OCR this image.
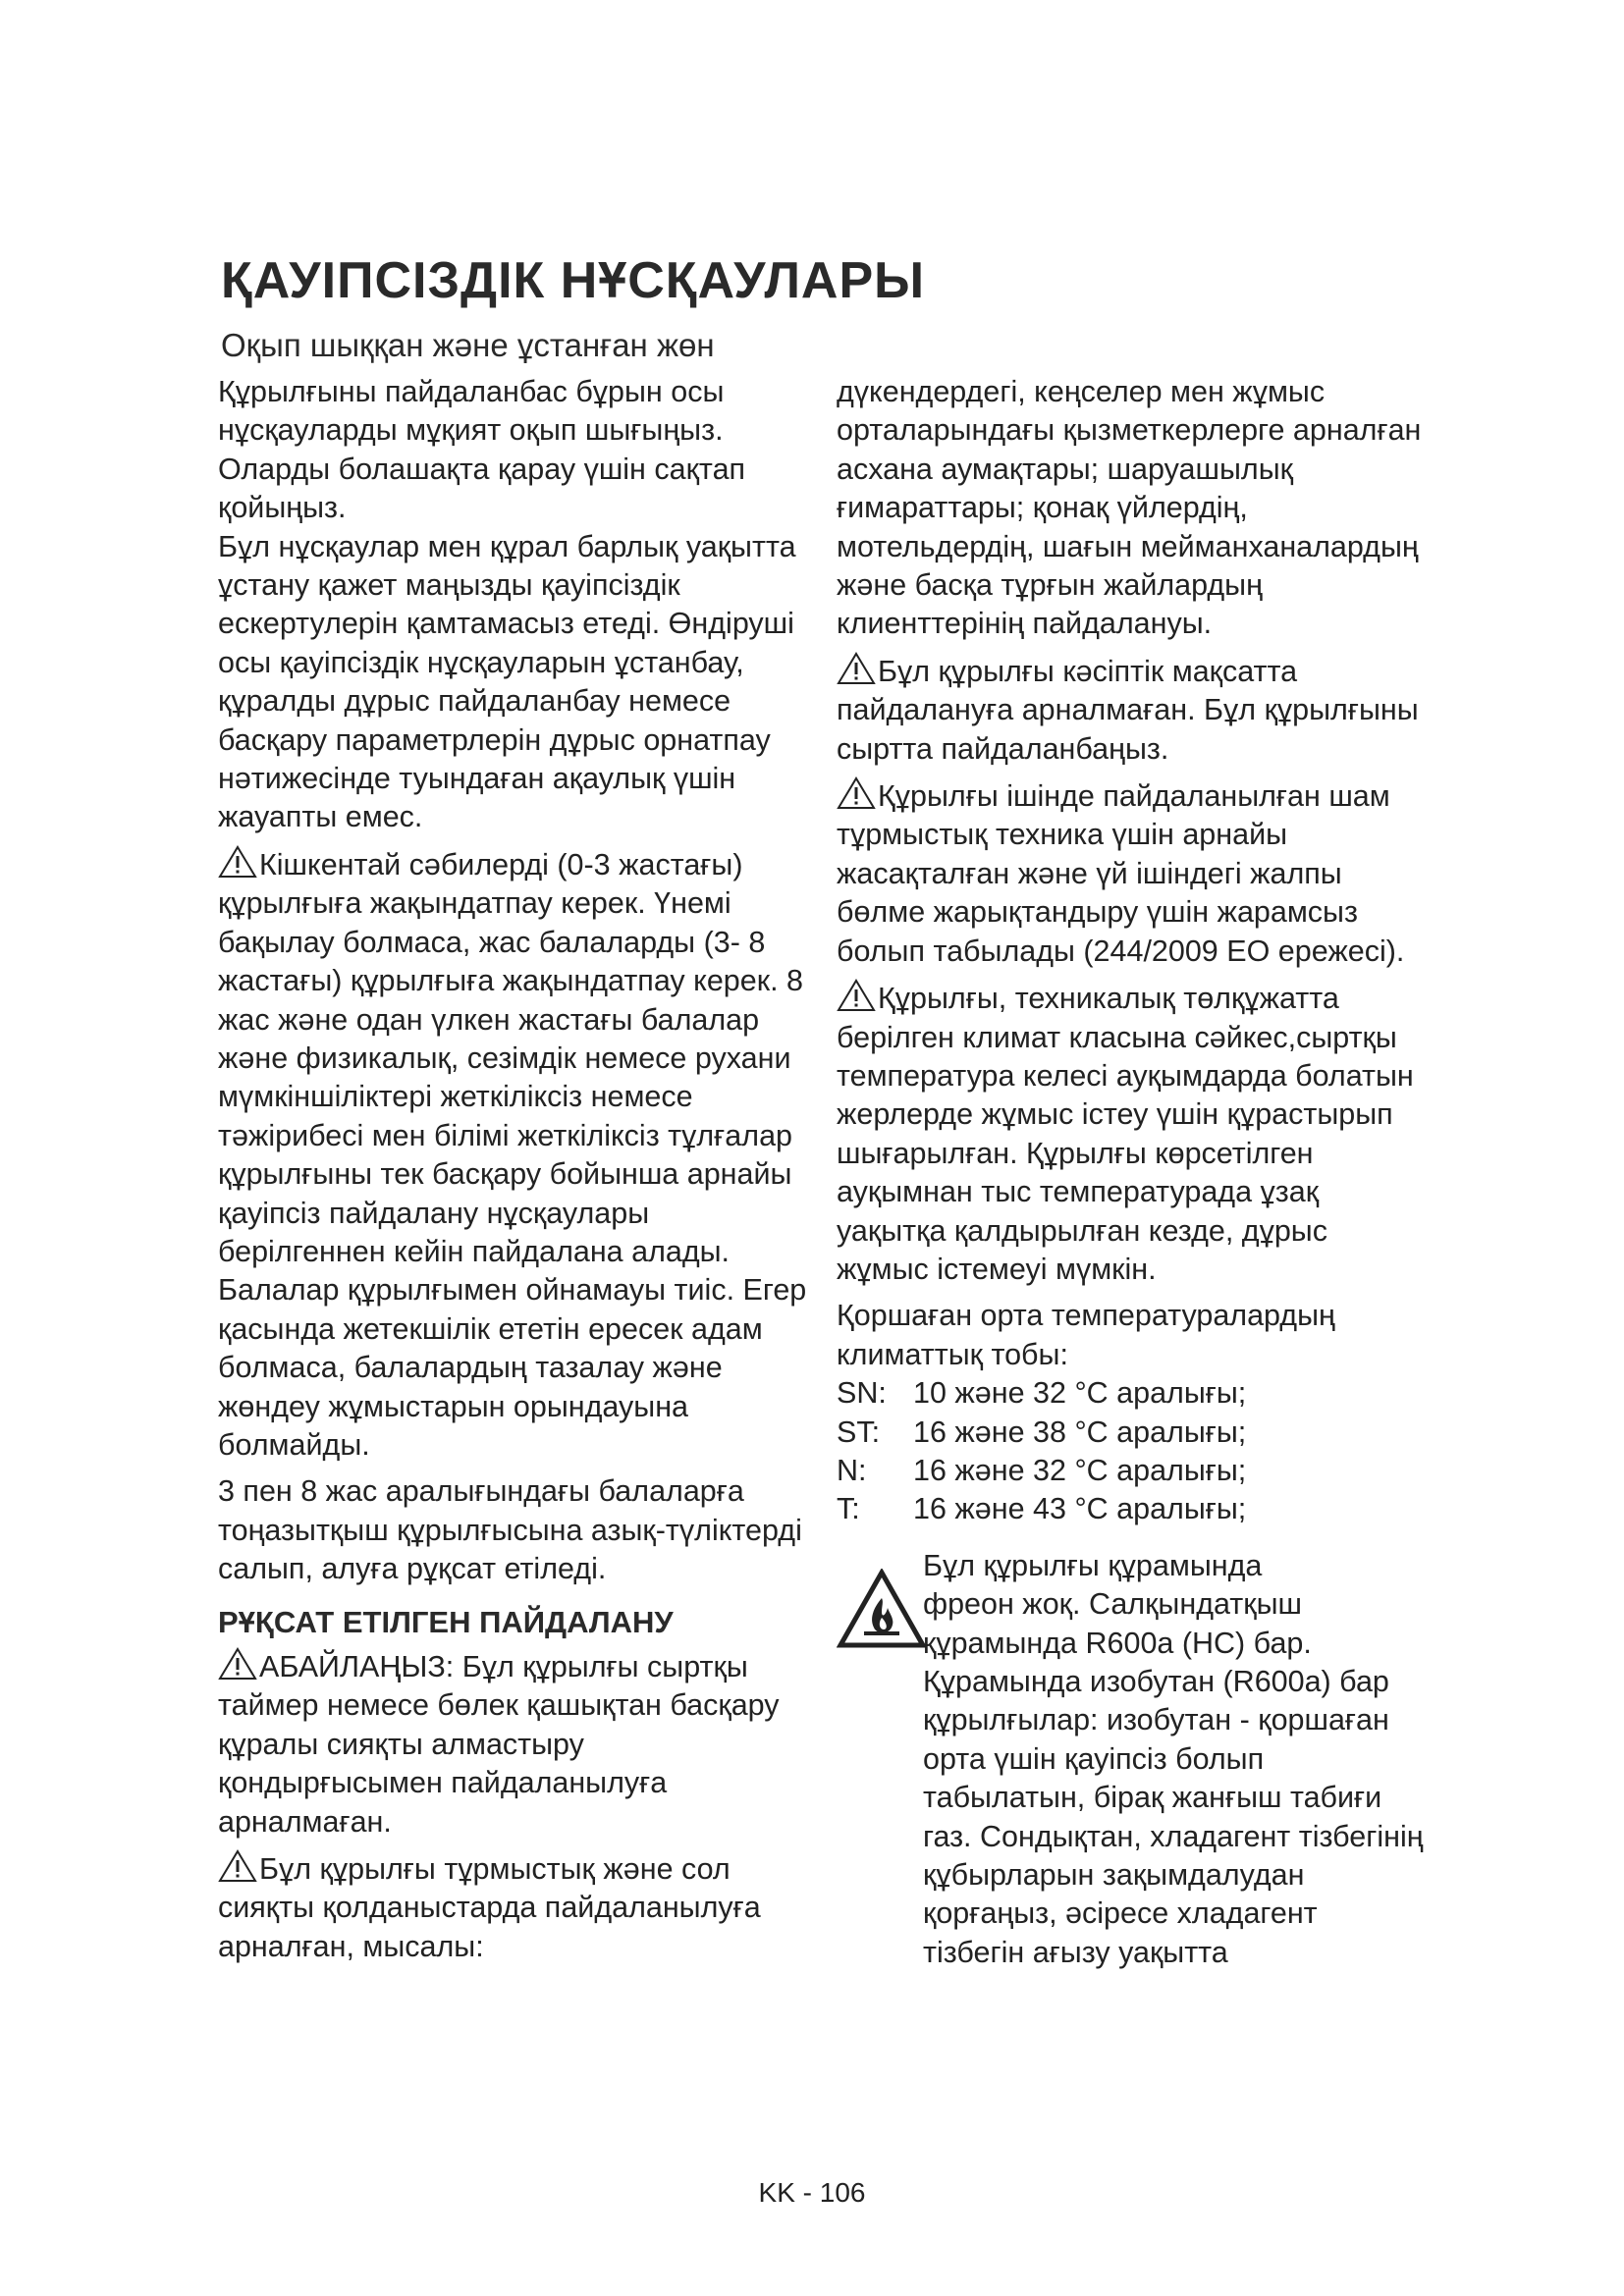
ҚАУІПСІЗДІК НҰСҚАУЛАРЫ
Оқып шыққан және ұстанған жөн

Құрылғыны пайдаланбас бұрын осы нұсқауларды мұқият оқып шығыңыз. Оларды болашақта қарау үшін сақтап қойыңыз.

Бұл нұсқаулар мен құрал барлық уақытта ұстану қажет маңызды қауіпсіздік ескертулерін қамтамасыз етеді. Өндірушi осы қауіпсіздік нұсқауларын ұстанбау, құралды дұрыс пайдаланбау немесе басқару параметрлерін дұрыс орнатпау нәтижесінде туындаған ақаулық үшін жауапты емес.

Кішкентай сәбилерді (0-3 жастағы) құрылғыға жақындатпау керек. Үнемі бақылау болмаса, жас балаларды (3- 8 жастағы) құрылғыға жақындатпау керек. 8 жас және одан үлкен жастағы балалар және физикалық, сезімдік немесе рухани мүмкіншіліктері жеткіліксіз немесе тәжірибесі мен білімі жеткіліксіз тұлғалар құрылғыны тек басқару бойынша арнайы қауіпсіз пайдалану нұсқаулары берілгеннен кейін пайдалана алады. Балалар құрылғымен ойнамауы тиіс. Егер қасында жетекшілік ететін ересек адам болмаса, балалардың тазалау және жөндеу жұмыстарын орындауына болмайды.

3 пен 8 жас аралығындағы балаларға тоңазытқыш құрылғысына азық-түліктерді салып, алуға рұқсат етіледі.

РҰҚСАТ ЕТІЛГЕН ПАЙДАЛАНУ

АБАЙЛАҢЫЗ: Бұл құрылғы сыртқы таймер немесе бөлек қашықтан басқару құралы сияқты алмастыру қондырғысымен пайдаланылуға арналмаған.

Бұл құрылғы тұрмыстық және сол сияқты қолданыстарда пайдаланылуға арналған, мысалы:

дүкендердегі, кеңселер мен жұмыс орталарындағы қызметкерлерге арналған асхана аумақтары; шаруашылық ғимараттары; қонақ үйлердің, мотельдердің, шағын мейманханалардың және басқа тұрғын жайлардың клиенттерінің пайдалануы.

Бұл құрылғы кәсіптік мақсатта пайдалануға арналмаған. Бұл құрылғыны сыртта пайдаланбаңыз.

Құрылғы ішінде пайдаланылған шам тұрмыстық техника үшін арнайы жасақталған және үй ішіндегі жалпы бөлме жарықтандыру үшін жарамсыз болып табылады (244/2009 ЕО ережесі).

Құрылғы, техникалық төлқұжатта берілген климат класына сәйкес,сыртқы температура келесі ауқымдарда болатын жерлерде жұмыс істеу үшін құрастырып шығарылған. Құрылғы көрсетілген ауқымнан тыс температурада ұзақ уақытқа қалдырылған кезде, дұрыс жұмыс істемеуі мүмкін.

Қоршаған орта температуралардың климаттық тобы:

SN: 10 және 32 °C аралығы;
ST: 16 және 38 °C аралығы;
N: 16 және 32 °C аралығы;
T: 16 және 43 °C аралығы;
Бұл құрылғы құрамында
фреон жоқ. Салқындатқыш құрамында R600a (HC) бар. Құрамында изобутан (R600a) бар құрылғылар: изобутан - қоршаған орта үшін қауіпсіз болып табылатын, бірақ жанғыш табиғи газ. Сондықтан, хладагент тізбегінің құбырларын зақымдалудан қорғаңыз, әсіресе хладагент тізбегін ағызу уақытта
KK - 106
